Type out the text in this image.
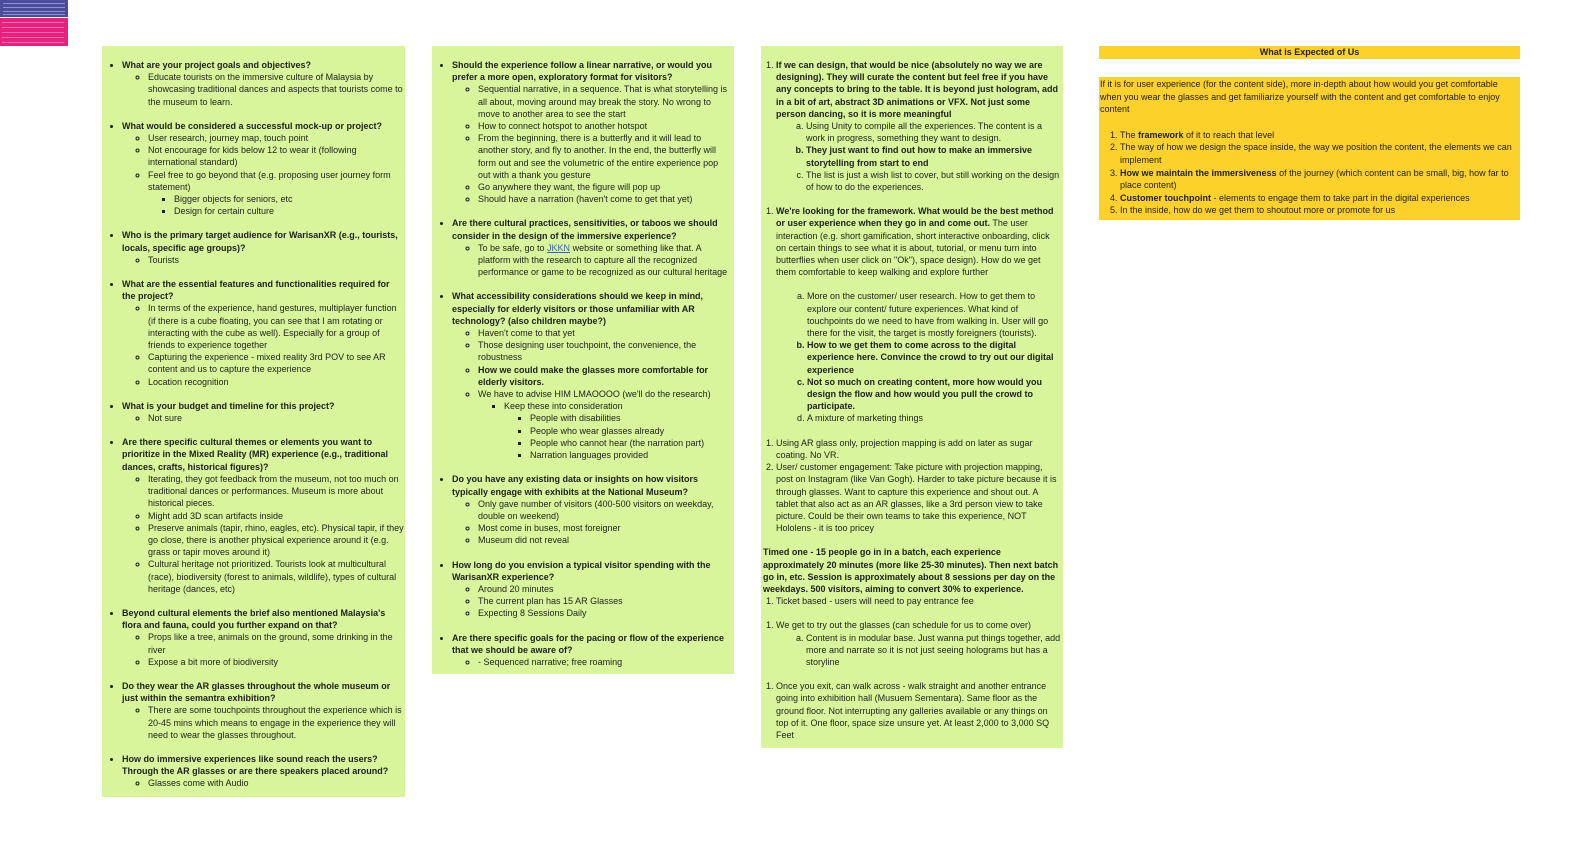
• What are your project goals and objectives?
◦ Educate tourists on the immersive culture of Malaysia by showcasing traditional dances and aspects that tourists come to the museum to learn.
• What would be considered a successful mock-up or project?
◦ User research, journey map, touch point
◦ Not encourage for kids below 12 to wear it (following international standard)
◦ Feel free to go beyond that (e.g. proposing user journey form statement)
▪ Bigger objects for seniors, etc
▪ Design for certain culture
• Who is the primary target audience for WarisanXR (e.g., tourists, locals, specific age groups)?
◦ Tourists
• What are the essential features and functionalities required for the project?
◦ In terms of the experience, hand gestures, multiplayer function (if there is a cube floating, you can see that I am rotating or interacting with the cube as well). Especially for a group of friends to experience together
◦ Capturing the experience - mixed reality 3rd POV to see AR content and us to capture the experience
◦ Location recognition
• What is your budget and timeline for this project?
◦ Not sure
• Are there specific cultural themes or elements you want to prioritize in the Mixed Reality (MR) experience (e.g., traditional dances, crafts, historical figures)?
◦ Iterating, they got feedback from the museum, not too much on traditional dances or performances. Museum is more about historical pieces.
◦ Might add 3D scan artifacts inside
◦ Preserve animals (tapir, rhino, eagles, etc). Physical tapir, if they go close, there is another physical experience around it (e.g. grass or tapir moves around it)
◦ Cultural heritage not prioritized. Tourists look at multicultural (race), biodiversity (forest to animals, wildlife), types of cultural heritage (dances, etc)
• Beyond cultural elements the brief also mentioned Malaysia's flora and fauna, could you further expand on that?
◦ Props like a tree, animals on the ground, some drinking in the river
◦ Expose a bit more of biodiversity
• Do they wear the AR glasses throughout the whole museum or just within the semantra exhibition?
◦ There are some touchpoints throughout the experience which is 20-45 mins which means to engage in the experience they will need to wear the glasses throughout.
• How do immersive experiences like sound reach the users? Through the AR glasses or are there speakers placed around?
◦ Glasses come with Audio
• Should the experience follow a linear narrative, or would you prefer a more open, exploratory format for visitors?
◦ Sequential narrative, in a sequence. That is what storytelling is all about, moving around may break the story. No wrong to move to another area to see the start
◦ How to connect hotspot to another hotspot
◦ From the beginning, there is a butterfly and it will lead to another story, and fly to another. In the end, the butterfly will form out and see the volumetric of the entire experience pop out with a thank you gesture
◦ Go anywhere they want, the figure will pop up
◦ Should have a narration (haven't come to get that yet)
• Are there cultural practices, sensitivities, or taboos we should consider in the design of the immersive experience?
◦ To be safe, go to JKKN website or something like that. A platform with the research to capture all the recognized performance or game to be recognized as our cultural heritage
• What accessibility considerations should we keep in mind, especially for elderly visitors or those unfamiliar with AR technology? (also children maybe?)
◦ Haven't come to that yet
◦ Those designing user touchpoint, the convenience, the robustness
◦ How we could make the glasses more comfortable for elderly visitors.
◦ We have to advise HIM LMAOOOO (we'll do the research)
▪ Keep these into consideration
▪ People with disabilities
▪ People who wear glasses already
▪ People who cannot hear (the narration part)
▪ Narration languages provided
• Do you have any existing data or insights on how visitors typically engage with exhibits at the National Museum?
◦ Only gave number of visitors (400-500 visitors on weekday, double on weekend)
◦ Most come in buses, most foreigner
◦ Museum did not reveal
• How long do you envision a typical visitor spending with the WarisanXR experience?
◦ Around 20 minutes
◦ The current plan has 15 AR Glasses
◦ Expecting 8 Sessions Daily
• Are there specific goals for the pacing or flow of the experience that we should be aware of?
◦ - Sequenced narrative; free roaming
1. If we can design, that would be nice (absolutely no way we are designing). They will curate the content but feel free if you have any concepts to bring to the table. It is beyond just hologram, add in a bit of art, abstract 3D animations or VFX. Not just some person dancing, so it is more meaningful
a. Using Unity to compile all the experiences. The content is a work in progress, something they want to design.
b. They just want to find out how to make an immersive storytelling from start to end
c. The list is just a wish list to cover, but still working on the design of how to do the experiences.
1. We're looking for the framework. What would be the best method or user experience when they go in and come out. The user interaction (e.g. short gamification, short interactive onboarding, click on certain things to see what it is about, tutorial, or menu turn into butterflies when user click on "Ok"), space design). How do we get them comfortable to keep walking and explore further
a. More on the customer/ user research. How to get them to explore our content/ future experiences. What kind of touchpoints do we need to have from walking in. User will go there for the visit, the target is mostly foreigners (tourists).
b. How to we get them to come across to the digital experience here. Convince the crowd to try out our digital experience
c. Not so much on creating content, more how would you design the flow and how would you pull the crowd to participate.
d. A mixture of marketing things
1. Using AR glass only, projection mapping is add on later as sugar coating. No VR.
2. User/ customer engagement: Take picture with projection mapping, post on Instagram (like Van Gogh). Harder to take picture because it is through glasses. Want to capture this experience and shout out. A tablet that also act as an AR glasses, like a 3rd person view to take picture. Could be their own teams to take this experience, NOT Hololens - it is too pricey
Timed one - 15 people go in in a batch, each experience approximately 20 minutes (more like 25-30 minutes). Then next batch go in, etc. Session is approximately about 8 sessions per day on the weekdays. 500 visitors, aiming to convert 30% to experience.
1. Ticket based - users will need to pay entrance fee
1. We get to try out the glasses (can schedule for us to come over)
a. Content is in modular base. Just wanna put things together, add more and narrate so it is not just seeing holograms but has a storyline
1. Once you exit, can walk across - walk straight and another entrance going into exhibition hall (Musuem Sementara). Same floor as the ground floor. Not interrupting any galleries available or any things on top of it. One floor, space size unsure yet. At least 2,000 to 3,000 SQ Feet
What is Expected of Us

If it is for user experience (for the content side), more in-depth about how would you get comfortable when you wear the glasses and get familiarize yourself with the content and get comfortable to enjoy content

1. The framework of it to reach that level
2. The way of how we design the space inside, the way we position the content, the elements we can implement
3. How we maintain the immersiveness of the journey (which content can be small, big, how far to place content)
4. Customer touchpoint - elements to engage them to take part in the digital experiences
5. In the inside, how do we get them to shoutout more or promote for us
